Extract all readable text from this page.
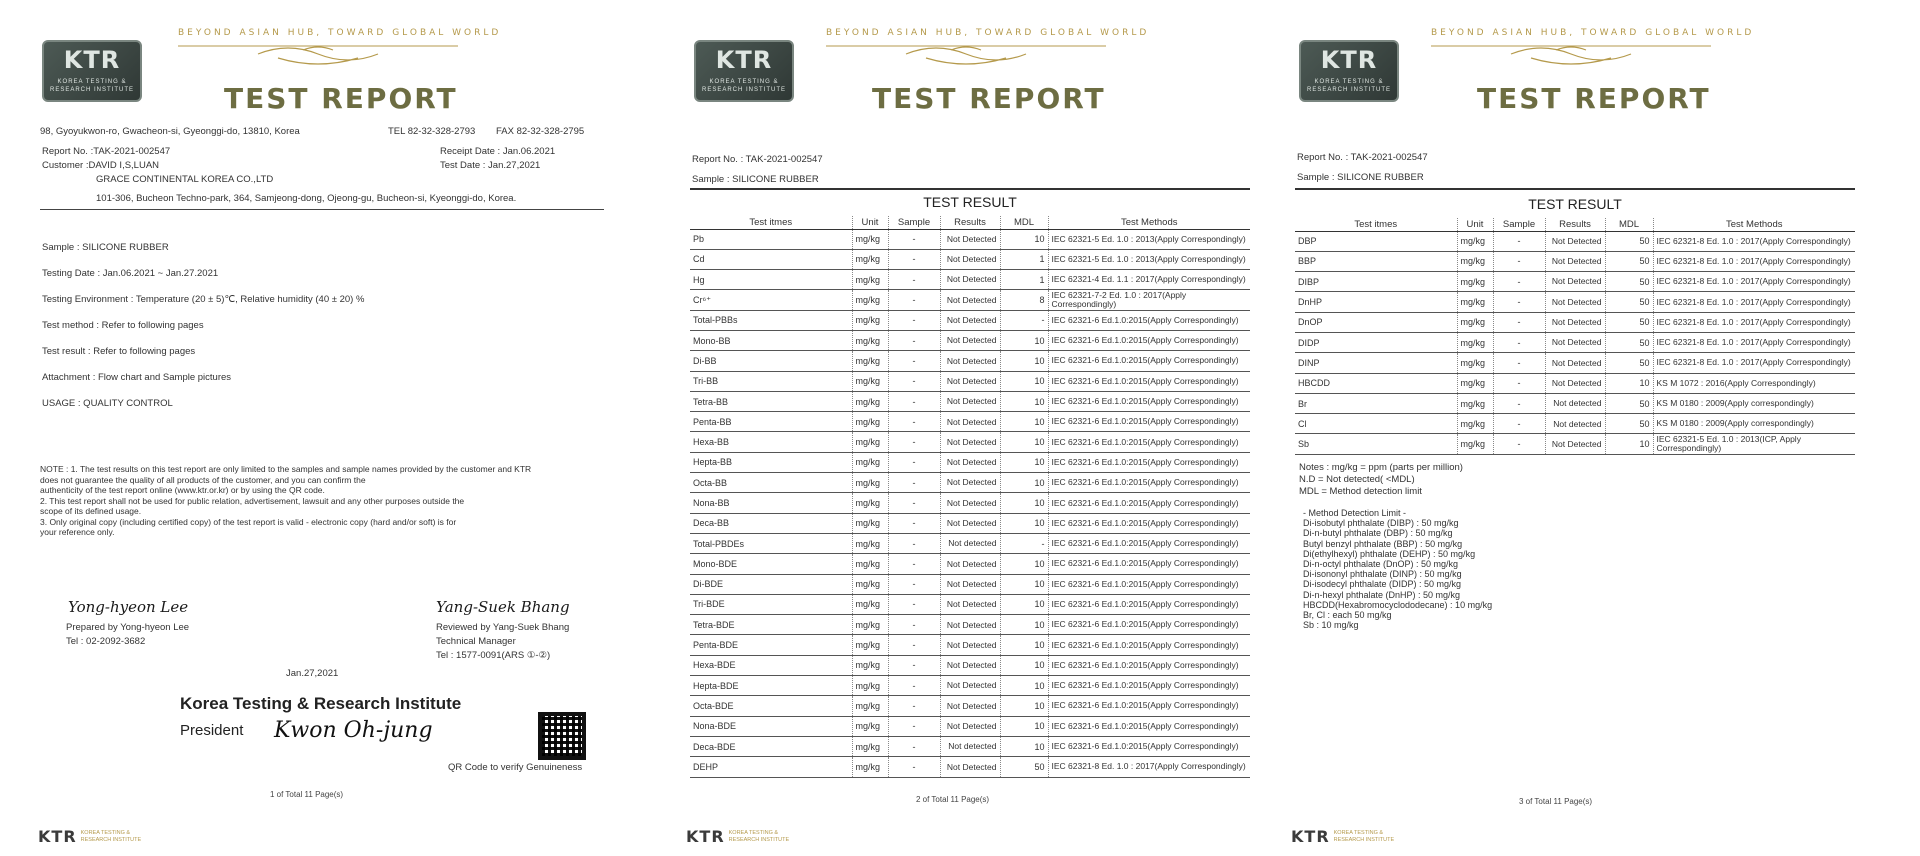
KTR
KOREA TESTING &
RESEARCH INSTITUTE
BEYOND ASIAN HUB, TOWARD GLOBAL WORLD
TEST REPORT
98, Gyoyukwon-ro, Gwacheon-si, Gyeonggi-do, 13810, Korea	TEL 82-32-328-2793 FAX 82-32-328-2795
Report No. :TAK-2021-002547	Receipt Date : Jan.06.2021
Customer :DAVID I,S,LUAN	Test Date : Jan.27,2021
GRACE CONTINENTAL KOREA CO.,LTD
101-306, Bucheon Techno-park, 364, Samjeong-dong, Ojeong-gu, Bucheon-si, Kyeonggi-do, Korea.
Sample : SILICONE RUBBER
Testing Date : Jan.06.2021 ~ Jan.27.2021
Testing Environment : Temperature (20 ± 5)℃, Relative humidity (40 ± 20) %
Test method : Refer to following pages
Test result : Refer to following pages
Attachment : Flow chart and Sample pictures
USAGE : QUALITY CONTROL
NOTE : 1. The test results on this test report are only limited to the samples and sample names provided by the customer and KTR
does not guarantee the quality of all products of the customer, and you can confirm the
authenticity of the test report online (www.ktr.or.kr) or by using the QR code.
2. This test report shall not be used for public relation, advertisement, lawsuit and any other purposes outside the
scope of its defined usage.
3. Only original copy (including certified copy) of the test report is valid - electronic copy (hard and/or soft) is for
your reference only.
Yong-hyeon Lee
Prepared by Yong-hyeon Lee
Tel : 02-2092-3682
Yang-Suek Bhang
Reviewed by Yang-Suek Bhang
Technical Manager
Tel : 1577-0091(ARS ①-②)
Jan.27,2021
Korea Testing & Research Institute
President Kwon Oh-jung
QR Code to verify Genuineness
1 of Total 11 Page(s)
KTR KOREA TESTING &
RESEARCH INSTITUTE
KTR
KOREA TESTING &
RESEARCH INSTITUTE
BEYOND ASIAN HUB, TOWARD GLOBAL WORLD
TEST REPORT
Report No. : TAK-2021-002547
Sample : SILICONE RUBBER
TEST RESULT
Test itmes	Unit	Sample	Results	MDL	Test Methods
Pb	mg/kg	-	Not Detected	10	IEC 62321-5 Ed. 1.0 : 2013(Apply Correspondingly)
Cd	mg/kg	-	Not Detected	1	IEC 62321-5 Ed. 1.0 : 2013(Apply Correspondingly)
Hg	mg/kg	-	Not Detected	1	IEC 62321-4 Ed. 1.1 : 2017(Apply Correspondingly)
Cr⁶⁺	mg/kg	-	Not Detected	8	IEC 62321-7-2 Ed. 1.0 : 2017(Apply Correspondingly)
Total-PBBs	mg/kg	-	Not Detected	-	IEC 62321-6 Ed.1.0:2015(Apply Correspondingly)
Mono-BB	mg/kg	-	Not Detected	10	IEC 62321-6 Ed.1.0:2015(Apply Correspondingly)
Di-BB	mg/kg	-	Not Detected	10	IEC 62321-6 Ed.1.0:2015(Apply Correspondingly)
Tri-BB	mg/kg	-	Not Detected	10	IEC 62321-6 Ed.1.0:2015(Apply Correspondingly)
Tetra-BB	mg/kg	-	Not Detected	10	IEC 62321-6 Ed.1.0:2015(Apply Correspondingly)
Penta-BB	mg/kg	-	Not Detected	10	IEC 62321-6 Ed.1.0:2015(Apply Correspondingly)
Hexa-BB	mg/kg	-	Not Detected	10	IEC 62321-6 Ed.1.0:2015(Apply Correspondingly)
Hepta-BB	mg/kg	-	Not Detected	10	IEC 62321-6 Ed.1.0:2015(Apply Correspondingly)
Octa-BB	mg/kg	-	Not Detected	10	IEC 62321-6 Ed.1.0:2015(Apply Correspondingly)
Nona-BB	mg/kg	-	Not Detected	10	IEC 62321-6 Ed.1.0:2015(Apply Correspondingly)
Deca-BB	mg/kg	-	Not Detected	10	IEC 62321-6 Ed.1.0:2015(Apply Correspondingly)
Total-PBDEs	mg/kg	-	Not detected	-	IEC 62321-6 Ed.1.0:2015(Apply Correspondingly)
Mono-BDE	mg/kg	-	Not Detected	10	IEC 62321-6 Ed.1.0:2015(Apply Correspondingly)
Di-BDE	mg/kg	-	Not Detected	10	IEC 62321-6 Ed.1.0:2015(Apply Correspondingly)
Tri-BDE	mg/kg	-	Not Detected	10	IEC 62321-6 Ed.1.0:2015(Apply Correspondingly)
Tetra-BDE	mg/kg	-	Not Detected	10	IEC 62321-6 Ed.1.0:2015(Apply Correspondingly)
Penta-BDE	mg/kg	-	Not Detected	10	IEC 62321-6 Ed.1.0:2015(Apply Correspondingly)
Hexa-BDE	mg/kg	-	Not Detected	10	IEC 62321-6 Ed.1.0:2015(Apply Correspondingly)
Hepta-BDE	mg/kg	-	Not Detected	10	IEC 62321-6 Ed.1.0:2015(Apply Correspondingly)
Octa-BDE	mg/kg	-	Not Detected	10	IEC 62321-6 Ed.1.0:2015(Apply Correspondingly)
Nona-BDE	mg/kg	-	Not Detected	10	IEC 62321-6 Ed.1.0:2015(Apply Correspondingly)
Deca-BDE	mg/kg	-	Not detected	10	IEC 62321-6 Ed.1.0:2015(Apply Correspondingly)
DEHP	mg/kg	-	Not Detected	50	IEC 62321-8 Ed. 1.0 : 2017(Apply Correspondingly)
2 of Total 11 Page(s)
KTR KOREA TESTING &
RESEARCH INSTITUTE
KTR
KOREA TESTING &
RESEARCH INSTITUTE
BEYOND ASIAN HUB, TOWARD GLOBAL WORLD
TEST REPORT
Report No. : TAK-2021-002547
Sample : SILICONE RUBBER
TEST RESULT
Test itmes	Unit	Sample	Results	MDL	Test Methods
DBP	mg/kg	-	Not Detected	50	IEC 62321-8 Ed. 1.0 : 2017(Apply Correspondingly)
BBP	mg/kg	-	Not Detected	50	IEC 62321-8 Ed. 1.0 : 2017(Apply Correspondingly)
DIBP	mg/kg	-	Not Detected	50	IEC 62321-8 Ed. 1.0 : 2017(Apply Correspondingly)
DnHP	mg/kg	-	Not Detected	50	IEC 62321-8 Ed. 1.0 : 2017(Apply Correspondingly)
DnOP	mg/kg	-	Not Detected	50	IEC 62321-8 Ed. 1.0 : 2017(Apply Correspondingly)
DIDP	mg/kg	-	Not Detected	50	IEC 62321-8 Ed. 1.0 : 2017(Apply Correspondingly)
DINP	mg/kg	-	Not Detected	50	IEC 62321-8 Ed. 1.0 : 2017(Apply Correspondingly)
HBCDD	mg/kg	-	Not Detected	10	KS M 1072 : 2016(Apply Correspondingly)
Br	mg/kg	-	Not detected	50	KS M 0180 : 2009(Apply correspondingly)
Cl	mg/kg	-	Not detected	50	KS M 0180 : 2009(Apply correspondingly)
Sb	mg/kg	-	Not Detected	10	IEC 62321-5 Ed. 1.0 : 2013(ICP, Apply Correspondingly)
Notes : mg/kg = ppm (parts per million)
N.D = Not detected( <MDL)
MDL = Method detection limit
- Method Detection Limit -
Di-isobutyl phthalate (DIBP) : 50 mg/kg
Di-n-butyl phthalate (DBP) : 50 mg/kg
Butyl benzyl phthalate (BBP) : 50 mg/kg
Di(ethylhexyl) phthalate (DEHP) : 50 mg/kg
Di-n-octyl phthalate (DnOP) : 50 mg/kg
Di-isononyl phthalate (DINP) : 50 mg/kg
Di-isodecyl phthalate (DIDP) : 50 mg/kg
Di-n-hexyl phthalate (DnHP) : 50 mg/kg
HBCDD(Hexabromocyclododecane) : 10 mg/kg
Br, Cl : each 50 mg/kg
Sb : 10 mg/kg
3 of Total 11 Page(s)
KTR KOREA TESTING &
RESEARCH INSTITUTE
